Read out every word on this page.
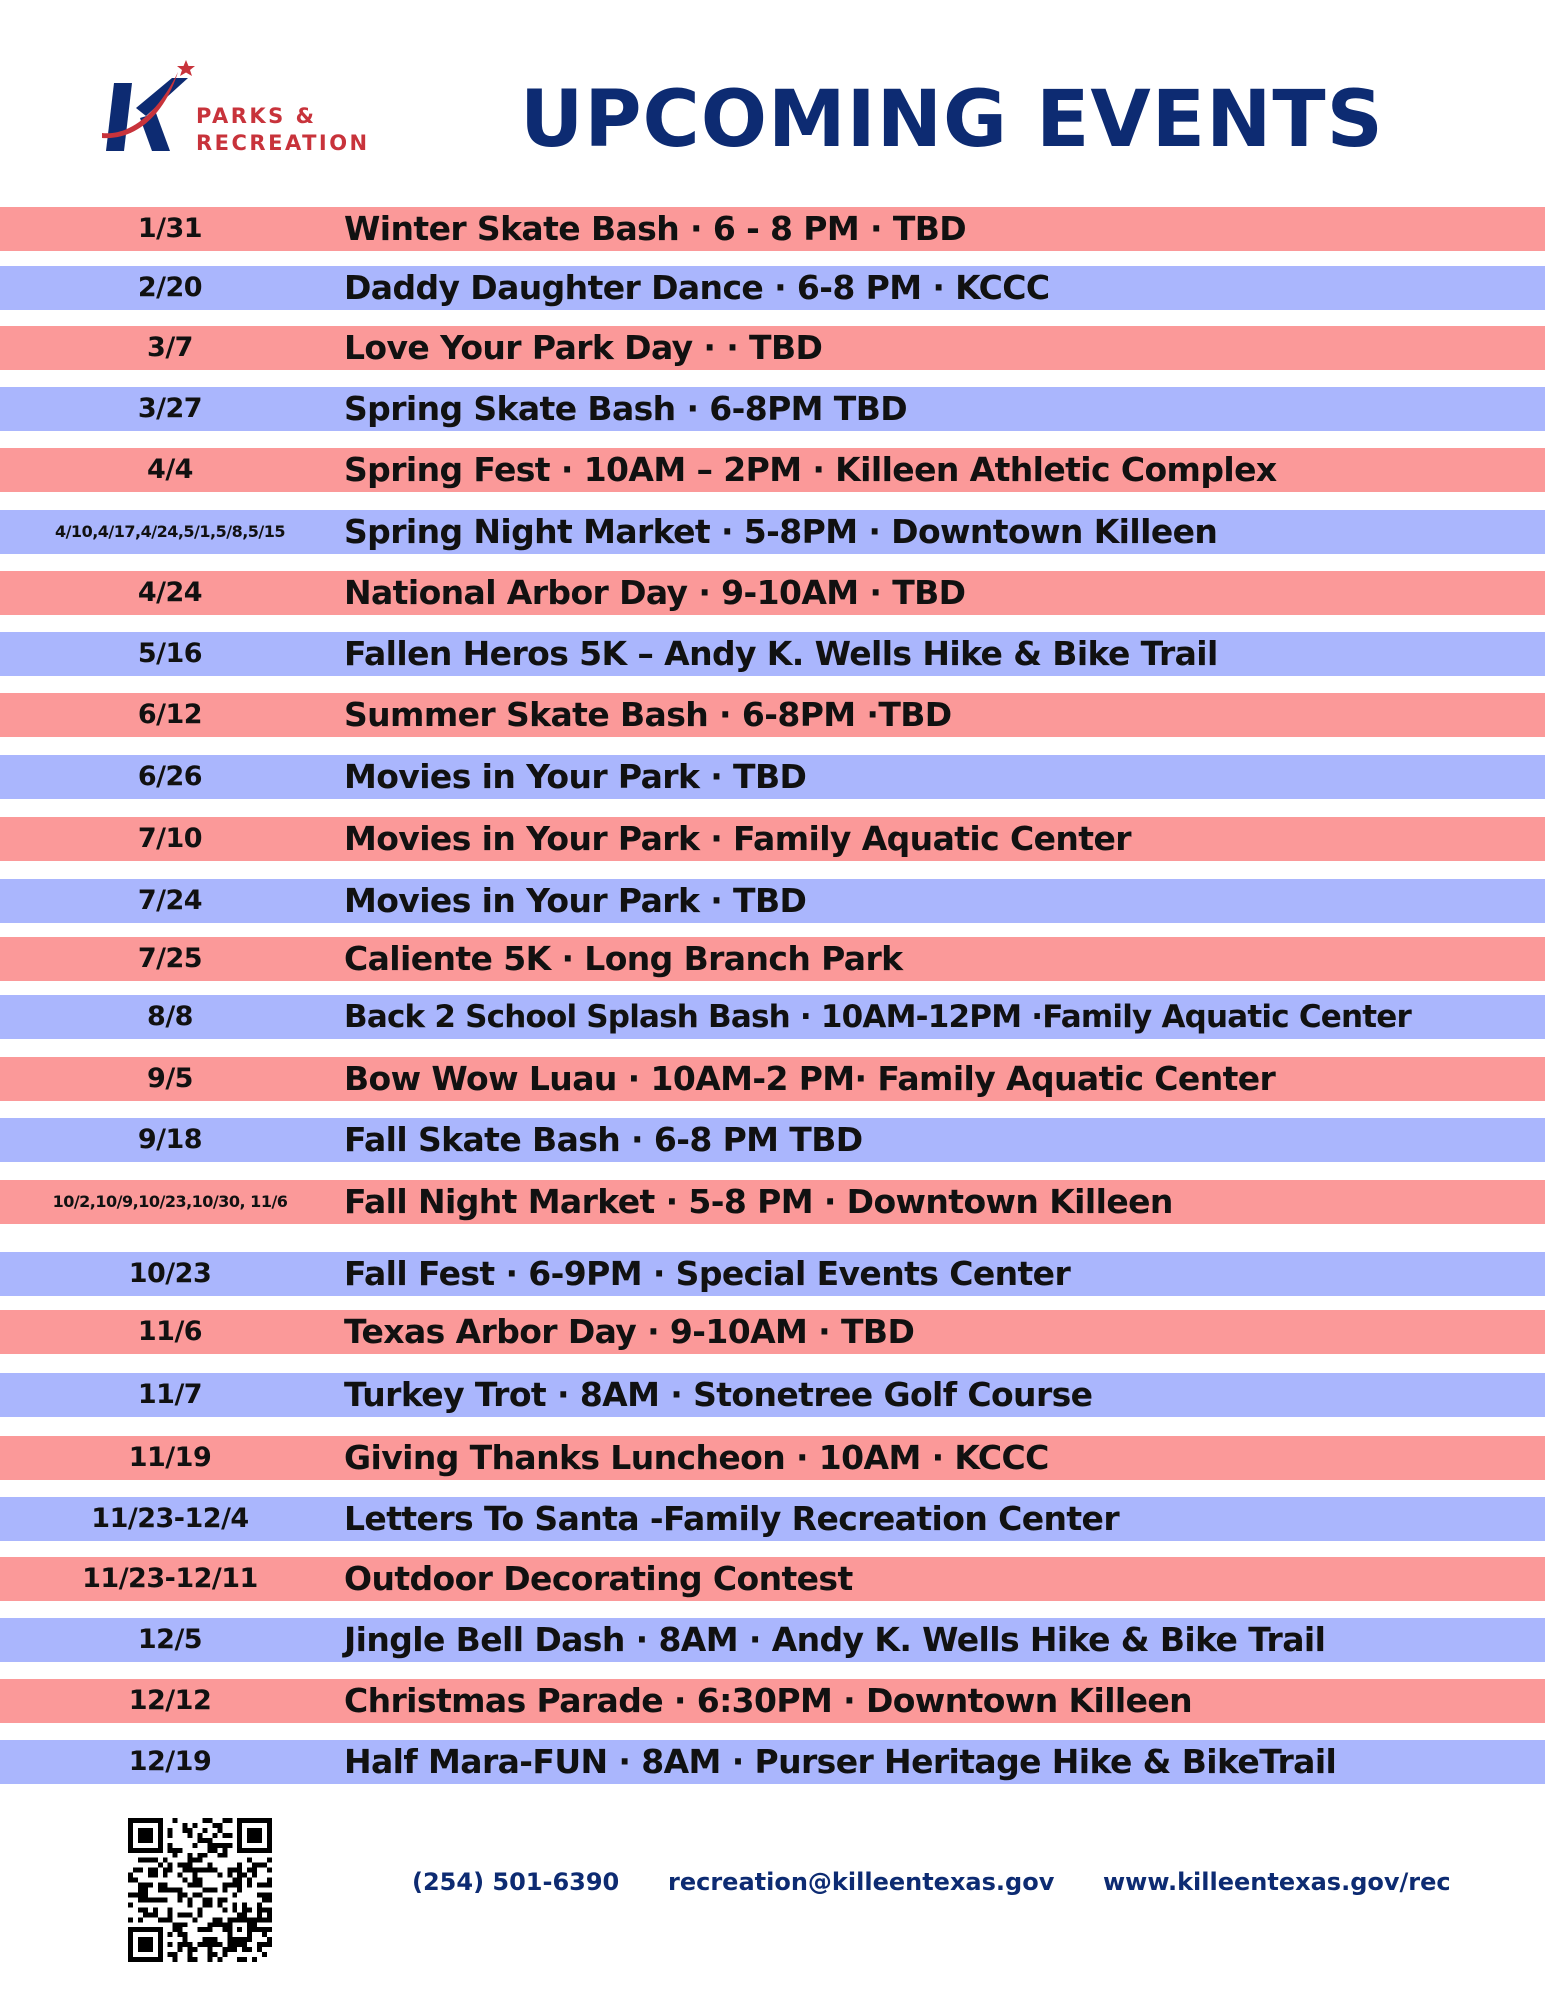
PARKS &
RECREATION UPCOMING EVENTS
1/31	Winter Skate Bash · 6 - 8 PM · TBD
2/20	Daddy Daughter Dance · 6-8 PM · KCCC
3/7	Love Your Park Day · · TBD
3/27	Spring Skate Bash · 6-8PM TBD
4/4	Spring Fest · 10AM – 2PM · Killeen Athletic Complex
4/10,4/17,4/24,5/1,5/8,5/15	Spring Night Market · 5-8PM · Downtown Killeen
4/24	National Arbor Day · 9-10AM · TBD
5/16	Fallen Heros 5K – Andy K. Wells Hike & Bike Trail
6/12	Summer Skate Bash · 6-8PM ·TBD
6/26	Movies in Your Park · TBD
7/10	Movies in Your Park · Family Aquatic Center
7/24	Movies in Your Park · TBD
7/25	Caliente 5K · Long Branch Park
8/8	Back 2 School Splash Bash · 10AM-12PM ·Family Aquatic Center
9/5	Bow Wow Luau · 10AM-2 PM· Family Aquatic Center
9/18	Fall Skate Bash · 6-8 PM TBD
10/2,10/9,10/23,10/30, 11/6	Fall Night Market · 5-8 PM · Downtown Killeen
10/23	Fall Fest · 6-9PM · Special Events Center
11/6	Texas Arbor Day · 9-10AM · TBD
11/7	Turkey Trot · 8AM · Stonetree Golf Course
11/19	Giving Thanks Luncheon · 10AM · KCCC
11/23-12/4	Letters To Santa -Family Recreation Center
11/23-12/11	Outdoor Decorating Contest
12/5	Jingle Bell Dash · 8AM · Andy K. Wells Hike & Bike Trail
12/12	Christmas Parade · 6:30PM · Downtown Killeen
12/19	Half Mara-FUN · 8AM · Purser Heritage Hike & BikeTrail
(254) 501-6390 recreation@killeentexas.gov www.killeentexas.gov/rec
